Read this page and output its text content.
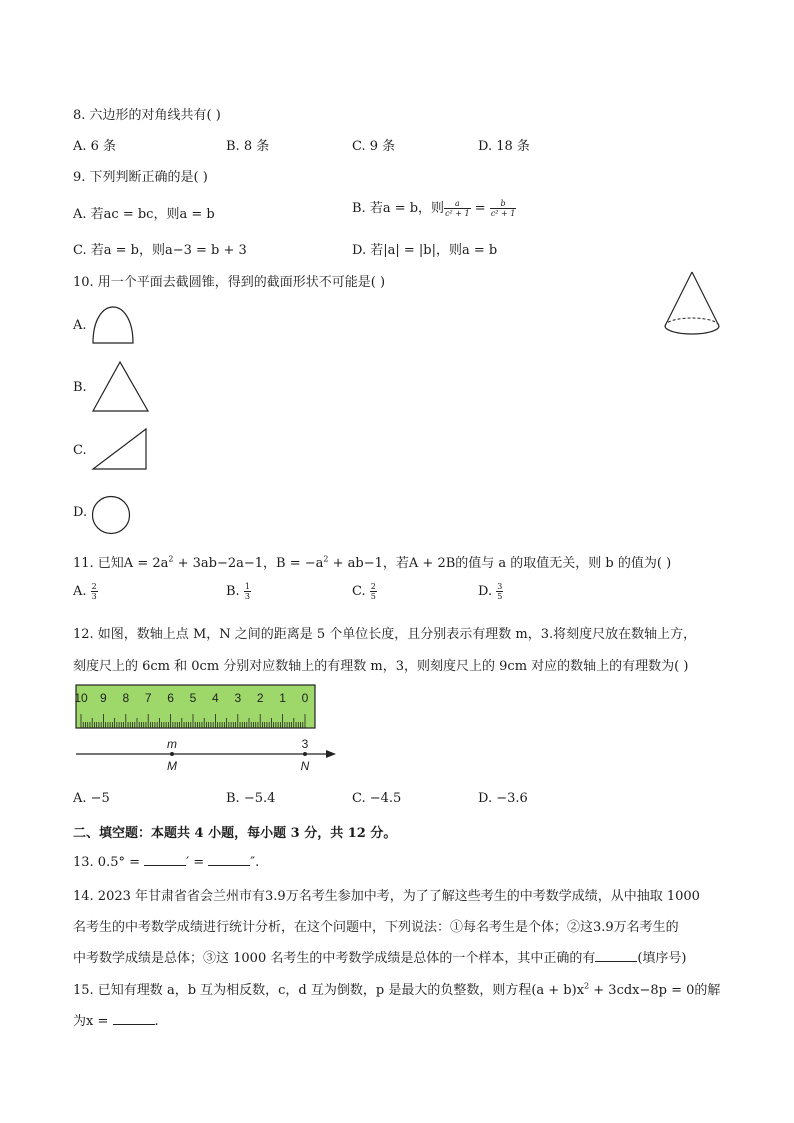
8. 六边形的对角线共有( )
A. 6 条	B. 8 条	C. 9 条	D. 18 条
9. 下列判断正确的是( )
A. 若ac = bc，则a = b	B. 若a = b，则 $\frac{a}{\text{c² + 1}} = \frac{b}{\text{c² + 1}}$
C. 若a = b，则a−3 = b + 3	D. 若|a| = |b|，则a = b
10. 用一个平面去截圆锥，得到的截面形状不可能是( )
A.
B.
C.
D.
11. 已知$A = 2a^2 + 3ab-2a-1$，$B = -a^2 + ab-1$，若A + 2B的值与 a 的取值无关，则 b 的值为( )
A. $\frac{2}{3}$	B. $\frac{1}{3}$	C. $\frac{2}{5}$	D. $\frac{3}{5}$
12. 如图，数轴上点 M，N 之间的距离是 5 个单位长度，且分别表示有理数 m，3.将刻度尺放在数轴上方，
刻度尺上的 6cm 和 0cm 分别对应数轴上的有理数 m，3，则刻度尺上的 9cm 对应的数轴上的有理数为( )
10 9 8 7 6 5 4 3 2 1 0
m
M
3
N
A. −5	B. −5.4	C. −4.5	D. −3.6
二、填空题：本题共 4 小题，每小题 3 分，共 12 分。
13. 0.5° =	′ =	″.
14. 2023 年甘肃省省会兰州市有3.9万名考生参加中考，为了了解这些考生的中考数学成绩，从中抽取 1000
名考生的中考数学成绩进行统计分析，在这个问题中，下列说法：①每名考生是个体；②这3.9万名考生的
中考数学成绩是总体；③这 1000 名考生的中考数学成绩是总体的一个样本，其中正确的有	(填序号)
15. 已知有理数 a，b 互为相反数，c，d 互为倒数，p 是最大的负整数，则方程$(a + b)x^2 + 3cdx-8p = 0$的解
为x =	.
